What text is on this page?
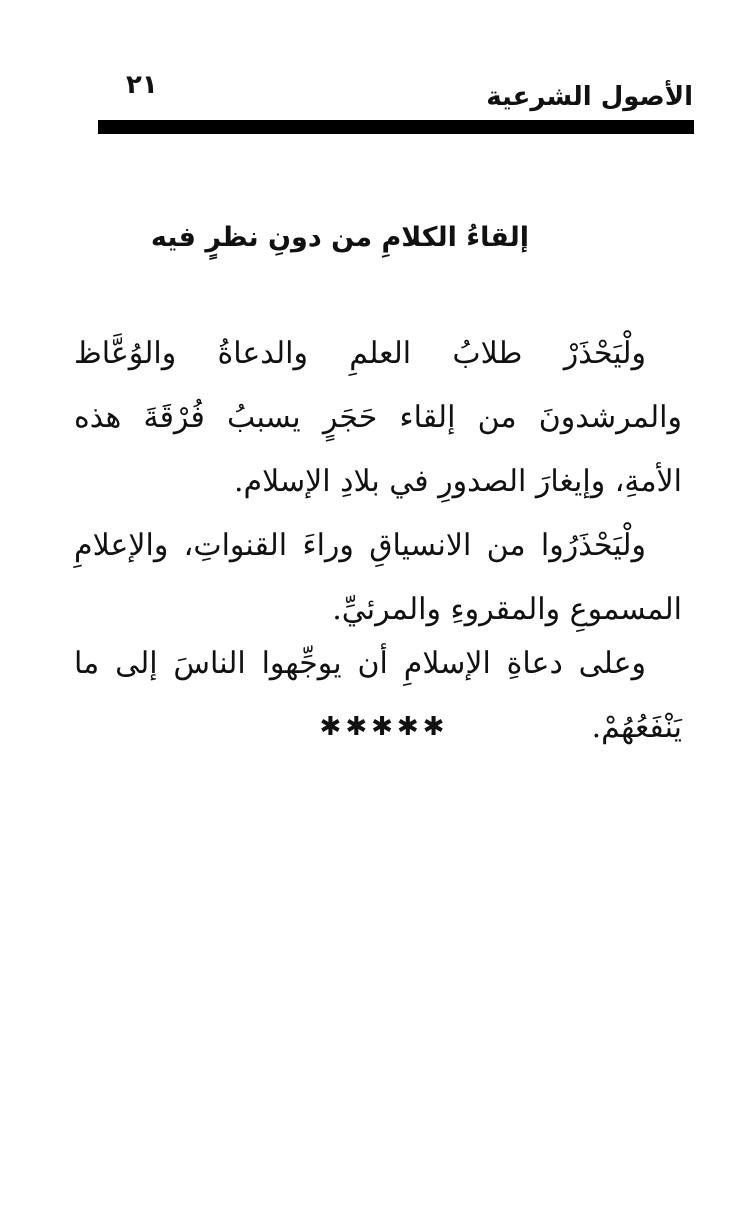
٢١	الأصول الشرعية
إلقاءُ الكلامِ من دونِ نظرٍ فيه

ولْيَحْذَرْ طلابُ العلمِ والدعاةُ والوُعَّاظ والمرشدونَ من إلقاء حَجَرٍ يسببُ فُرْقَةَ هذه الأمةِ، وإيغارَ الصدورِ في بلادِ الإسلام.

ولْيَحْذَرُوا من الانسياقِ وراءَ القنواتِ، والإعلامِ المسموعِ والمقروءِ والمرئيِّ.

وعلى دعاةِ الإسلامِ أن يوجِّهوا الناسَ إلى ما يَنْفَعُهُمْ.

✱✱✱✱✱
